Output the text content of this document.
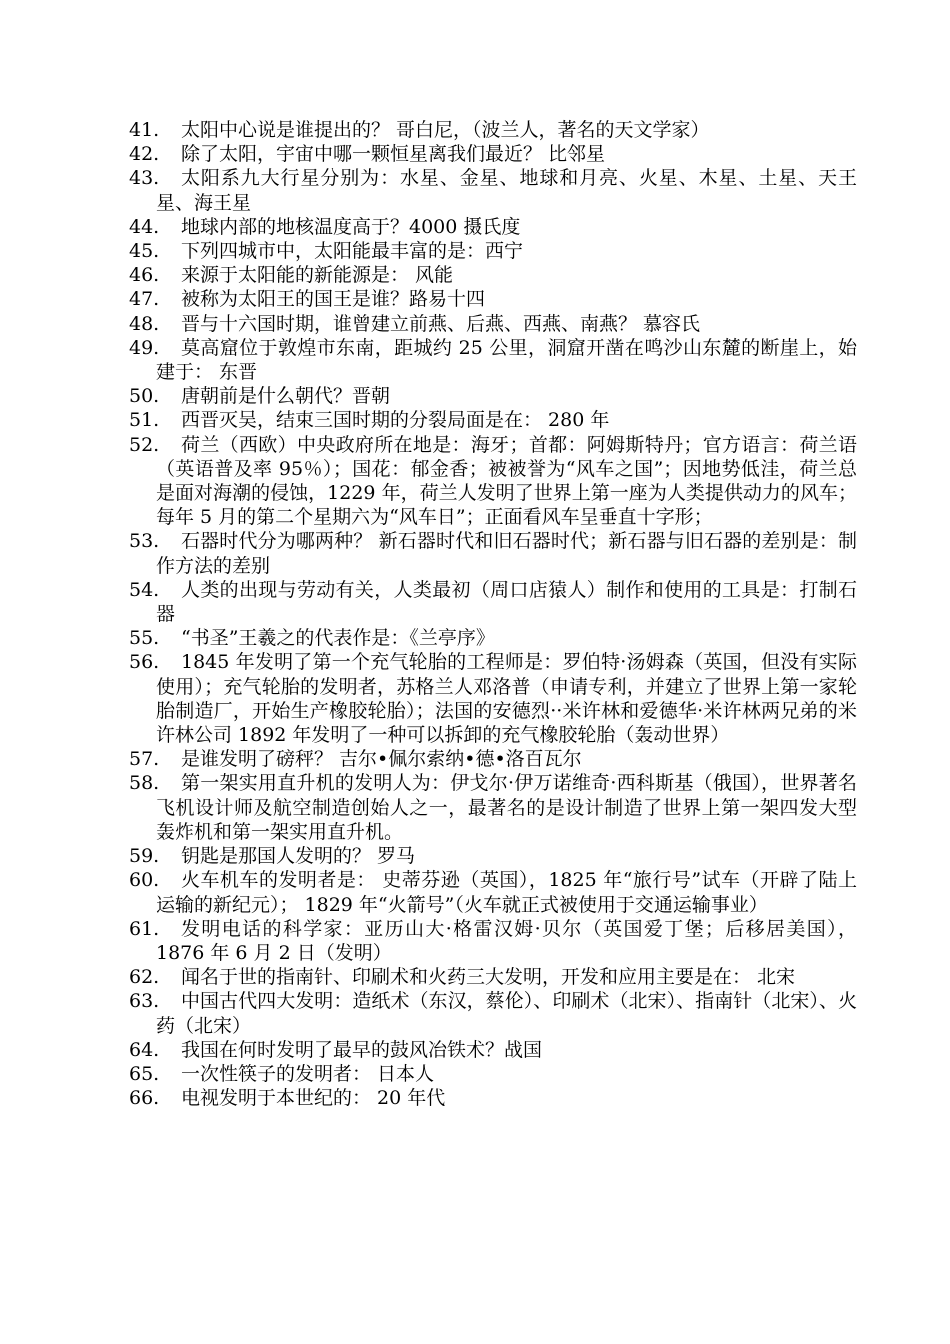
41.	太阳中心说是谁提出的？ 哥白尼，（波兰人，著名的天文学家）
42.	除了太阳，宇宙中哪一颗恒星离我们最近？ 比邻星
43.	太阳系九大行星分别为：水星、金星、地球和月亮、火星、木星、土星、天王星、海王星
44.	地球内部的地核温度高于？4000 摄氏度
45.	下列四城市中，太阳能最丰富的是：西宁
46.	来源于太阳能的新能源是： 风能
47.	被称为太阳王的国王是谁？路易十四
48.	晋与十六国时期，谁曾建立前燕、后燕、西燕、南燕？ 慕容氏
49.	莫高窟位于敦煌市东南，距城约 25 公里，洞窟开凿在鸣沙山东麓的断崖上，始建于： 东晋
50.	唐朝前是什么朝代？晋朝
51.	西晋灭吴，结束三国时期的分裂局面是在： 280 年
52.	荷兰（西欧）中央政府所在地是：海牙；首都：阿姆斯特丹；官方语言：荷兰语（英语普及率 95％）；国花：郁金香；被被誉为“风车之国”；因地势低洼，荷兰总是面对海潮的侵蚀，1229 年，荷兰人发明了世界上第一座为人类提供动力的风车；每年 5 月的第二个星期六为“风车日”；正面看风车呈垂直十字形；
53.	石器时代分为哪两种？ 新石器时代和旧石器时代；新石器与旧石器的差别是：制作方法的差别
54.	人类的出现与劳动有关，人类最初（周口店猿人）制作和使用的工具是：打制石器
55.	“书圣”王羲之的代表作是：《兰亭序》
56.	1845 年发明了第一个充气轮胎的工程师是：罗伯特·汤姆森（英国，但没有实际使用）；充气轮胎的发明者，苏格兰人邓洛普（申请专利，并建立了世界上第一家轮胎制造厂，开始生产橡胶轮胎）；法国的安德烈··米许林和爱德华·米许林两兄弟的米许林公司 1892 年发明了一种可以拆卸的充气橡胶轮胎（轰动世界）
57.	是谁发明了磅秤？ 吉尔•佩尔索纳•德•洛百瓦尔
58.	第一架实用直升机的发明人为：伊戈尔·伊万诺维奇·西科斯基（俄国），世界著名飞机设计师及航空制造创始人之一，最著名的是设计制造了世界上第一架四发大型轰炸机和第一架实用直升机。
59.	钥匙是那国人发明的？ 罗马
60.	火车机车的发明者是： 史蒂芬逊（英国），1825 年“旅行号”试车（开辟了陆上运输的新纪元）； 1829 年“火箭号”（火车就正式被使用于交通运输事业）
61.	发明电话的科学家：亚历山大·格雷汉姆·贝尔（英国爱丁堡；后移居美国），1876 年 6 月 2 日（发明）
62.	闻名于世的指南针、印刷术和火药三大发明，开发和应用主要是在： 北宋
63.	中国古代四大发明：造纸术（东汉，蔡伦）、印刷术（北宋）、指南针（北宋）、火药（北宋）
64.	我国在何时发明了最早的鼓风冶铁术？战国
65.	一次性筷子的发明者： 日本人
66.	电视发明于本世纪的： 20 年代
